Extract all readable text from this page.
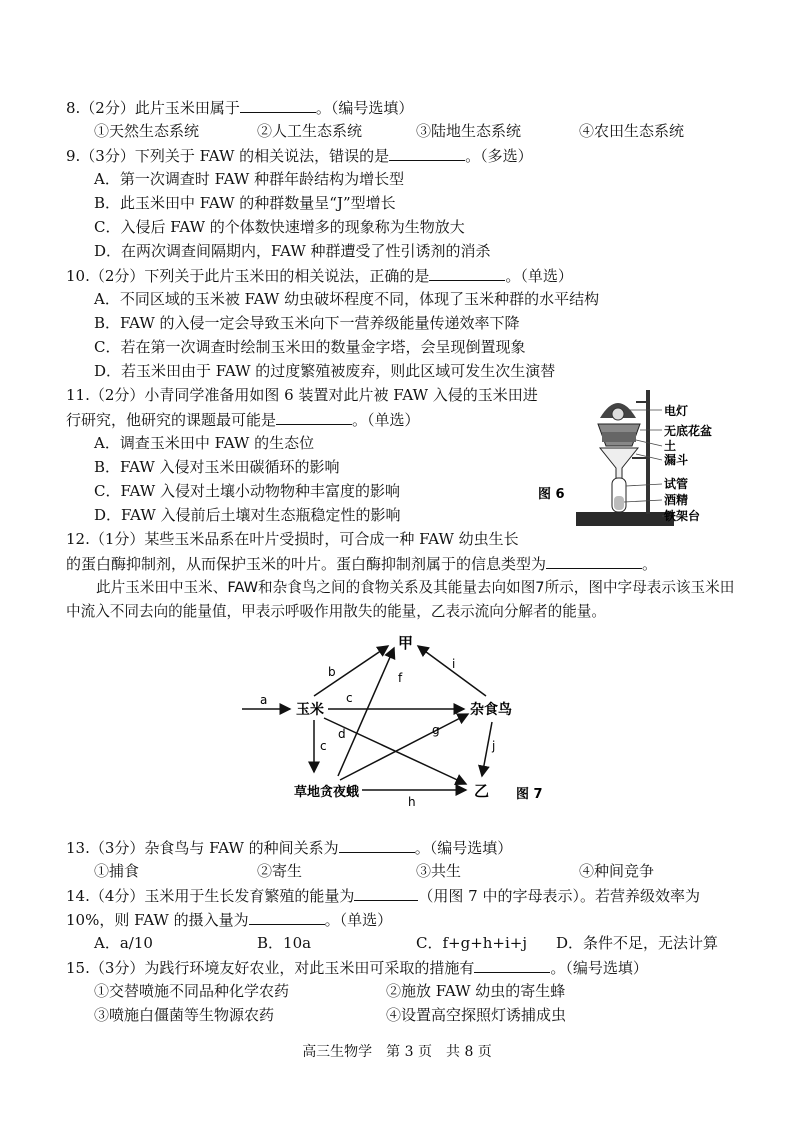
8.（2分）此片玉米田属于	。（编号选填）
①天然生态系统	②人工生态系统	③陆地生态系统	④农田生态系统
9.（3分）下列关于 FAW 的相关说法，错误的是	。（多选）
A．第一次调查时 FAW 种群年龄结构为增长型
B．此玉米田中 FAW 的种群数量呈“J”型增长
C．入侵后 FAW 的个体数快速增多的现象称为生物放大
D．在两次调查间隔期内，FAW 种群遭受了性引诱剂的消杀
10.（2分）下列关于此片玉米田的相关说法，正确的是	。（单选）
A．不同区域的玉米被 FAW 幼虫破坏程度不同，体现了玉米种群的水平结构
B．FAW 的入侵一定会导致玉米向下一营养级能量传递效率下降
C．若在第一次调查时绘制玉米田的数量金字塔，会呈现倒置现象
D．若玉米田由于 FAW 的过度繁殖被废弃，则此区域可发生次生演替
11.（2分）小青同学准备用如图 6 装置对此片被 FAW 入侵的玉米田进
行研究，他研究的课题最可能是	。（单选）
A．调查玉米田中 FAW 的生态位
B．FAW 入侵对玉米田碳循环的影响
C．FAW 入侵对土壤小动物物种丰富度的影响
D．FAW 入侵前后土壤对生态瓶稳定性的影响
电灯
无底花盆
土
漏斗
试管
酒精
铁架台
图 6
12.（1分）某些玉米品系在叶片受损时，可合成一种 FAW 幼虫生长
的蛋白酶抑制剂，从而保护玉米的叶片。蛋白酶抑制剂属于的信息类型为	。
此片玉米田中玉米、FAW和杂食鸟之间的食物关系及其能量去向如图7所示，图中字母表示该玉米田中流入不同去向的能量值，甲表示呼吸作用散失的能量，乙表示流向分解者的能量。
甲
玉米	杂食鸟
草地贪夜蛾	乙
a
b
c
c
d
f
g
h
i
j
图 7
13.（3分）杂食鸟与 FAW 的种间关系为	。（编号选填）
①捕食	②寄生	③共生	④种间竞争
14.（4分）玉米用于生长发育繁殖的能量为	（用图 7 中的字母表示）。若营养级效率为
10%，则 FAW 的摄入量为	。（单选）
A．a/10	B．10a	C．f+g+h+i+j D．条件不足，无法计算
15.（3分）为践行环境友好农业，对此玉米田可采取的措施有	。（编号选填）
①交替喷施不同品种化学农药	②施放 FAW 幼虫的寄生蜂
③喷施白僵菌等生物源农药	④设置高空探照灯诱捕成虫
高三生物学　第 3 页　共 8 页
